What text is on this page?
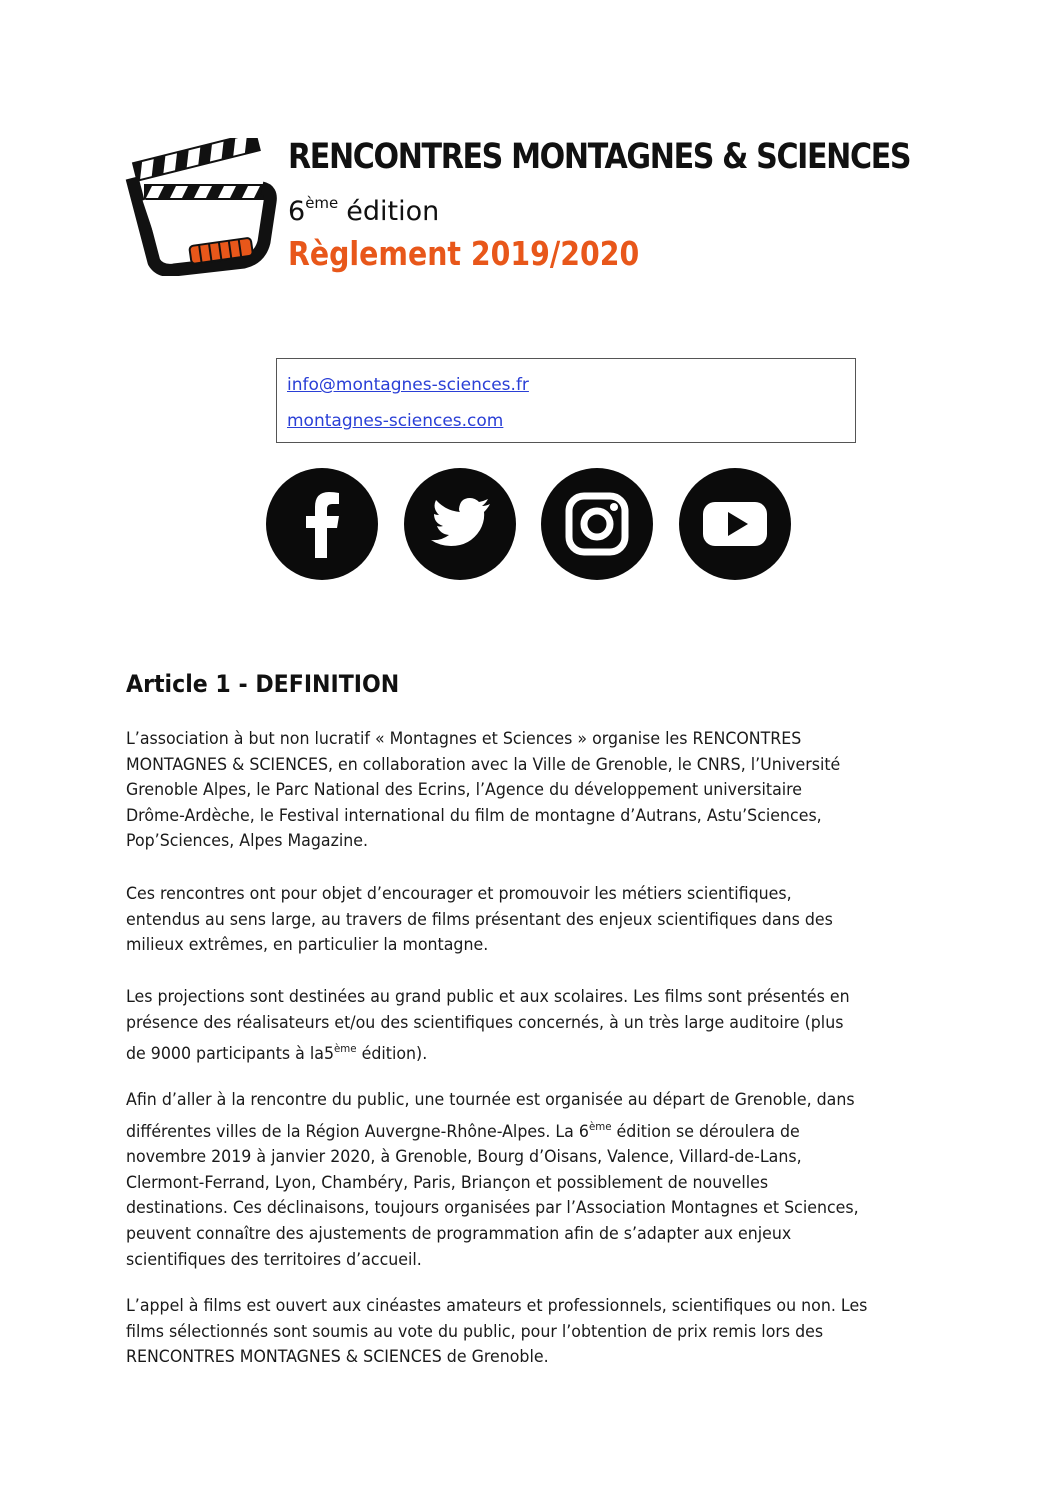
RENCONTRES MONTAGNES & SCIENCES
6ème édition
Règlement 2019/2020
info@montagnes-sciences.fr
montagnes-sciences.com
Article 1 - DEFINITION

L’association à but non lucratif « Montagnes et Sciences » organise les RENCONTRES
MONTAGNES & SCIENCES, en collaboration avec la Ville de Grenoble, le CNRS, l’Université
Grenoble Alpes, le Parc National des Ecrins, l’Agence du développement universitaire
Drôme-Ardèche, le Festival international du film de montagne d’Autrans, Astu’Sciences,
Pop’Sciences, Alpes Magazine.

Ces rencontres ont pour objet d’encourager et promouvoir les métiers scientifiques,
entendus au sens large, au travers de films présentant des enjeux scientifiques dans des
milieux extrêmes, en particulier la montagne.

Les projections sont destinées au grand public et aux scolaires. Les films sont présentés en
présence des réalisateurs et/ou des scientifiques concernés, à un très large auditoire (plus
de 9000 participants à la5ème édition).

Afin d’aller à la rencontre du public, une tournée est organisée au départ de Grenoble, dans
différentes villes de la Région Auvergne-Rhône-Alpes. La 6ème édition se déroulera de
novembre 2019 à janvier 2020, à Grenoble, Bourg d’Oisans, Valence, Villard-de-Lans,
Clermont-Ferrand, Lyon, Chambéry, Paris, Briançon et possiblement de nouvelles
destinations. Ces déclinaisons, toujours organisées par l’Association Montagnes et Sciences,
peuvent connaître des ajustements de programmation afin de s’adapter aux enjeux
scientifiques des territoires d’accueil.

L’appel à films est ouvert aux cinéastes amateurs et professionnels, scientifiques ou non. Les
films sélectionnés sont soumis au vote du public, pour l’obtention de prix remis lors des
RENCONTRES MONTAGNES & SCIENCES de Grenoble.
